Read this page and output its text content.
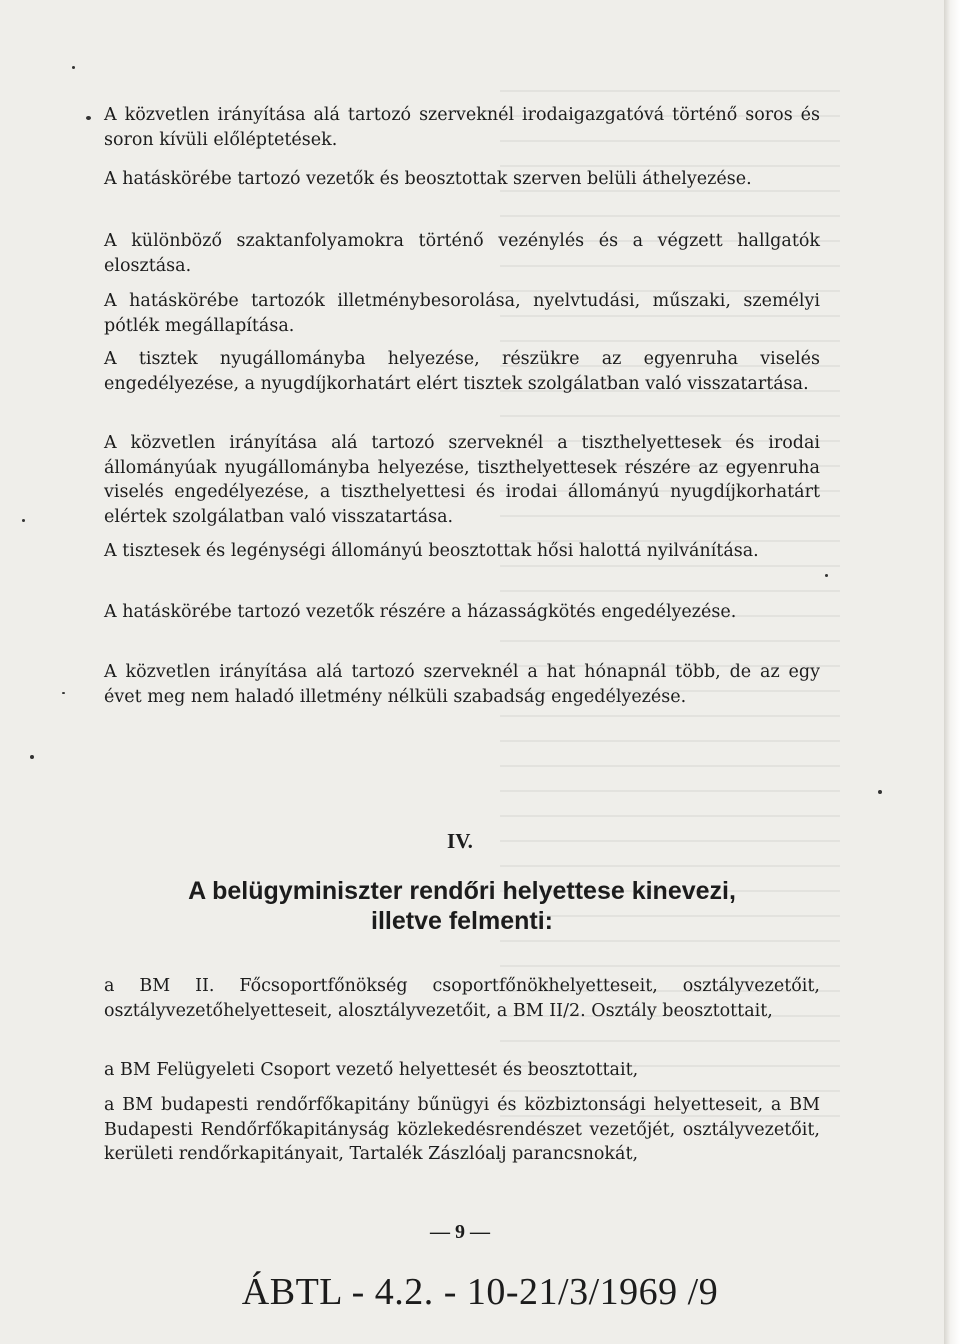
A közvetlen irányítása alá tartozó szerveknél irodaigazgatóvá történő soros és soron kívüli előléptetések.

A hatáskörébe tartozó vezetők és beosztottak szerven belüli áthelyezése.

A különböző szaktanfolyamokra történő vezénylés és a végzett hallgatók elosztása.

A hatáskörébe tartozók illetménybesorolása, nyelvtudási, műszaki, személyi pótlék megállapítása.

A tisztek nyugállományba helyezése, részükre az egyenruha viselés engedélyezése, a nyugdíjkorhatárt elért tisztek szolgálatban való visszatartása.

A közvetlen irányítása alá tartozó szerveknél a tiszthelyettesek és irodai állományúak nyugállományba helyezése, tiszthelyettesek részére az egyenruha viselés engedélyezése, a tiszthelyettesi és irodai állományú nyugdíjkorhatárt elértek szolgálatban való visszatartása.

A tisztesek és legénységi állományú beosztottak hősi halottá nyilvánítása.

A hatáskörébe tartozó vezetők részére a házasságkötés engedélyezése.

A közvetlen irányítása alá tartozó szerveknél a hat hónapnál több, de az egy évet meg nem haladó illetmény nélküli szabadság engedélyezése.

IV.
A belügyminiszter rendőri helyettese kinevezi,
illetve felmenti:

a BM II. Főcsoportfőnökség csoportfőnökhelyetteseit, osztályvezetőit, osztályvezetőhelyetteseit, alosztályvezetőit, a BM II/2. Osztály beosztottait,

a BM Felügyeleti Csoport vezető helyettesét és beosztottait,

a BM budapesti rendőrfőkapitány bűnügyi és közbiztonsági helyetteseit, a BM Budapesti Rendőrfőkapitányság közlekedésrendészet vezetőjét, osztályvezetőit, kerületi rendőrkapitányait, Tartalék Zászlóalj parancsnokát,

— 9 —
ÁBTL - 4.2. - 10-21/3/1969 /9
